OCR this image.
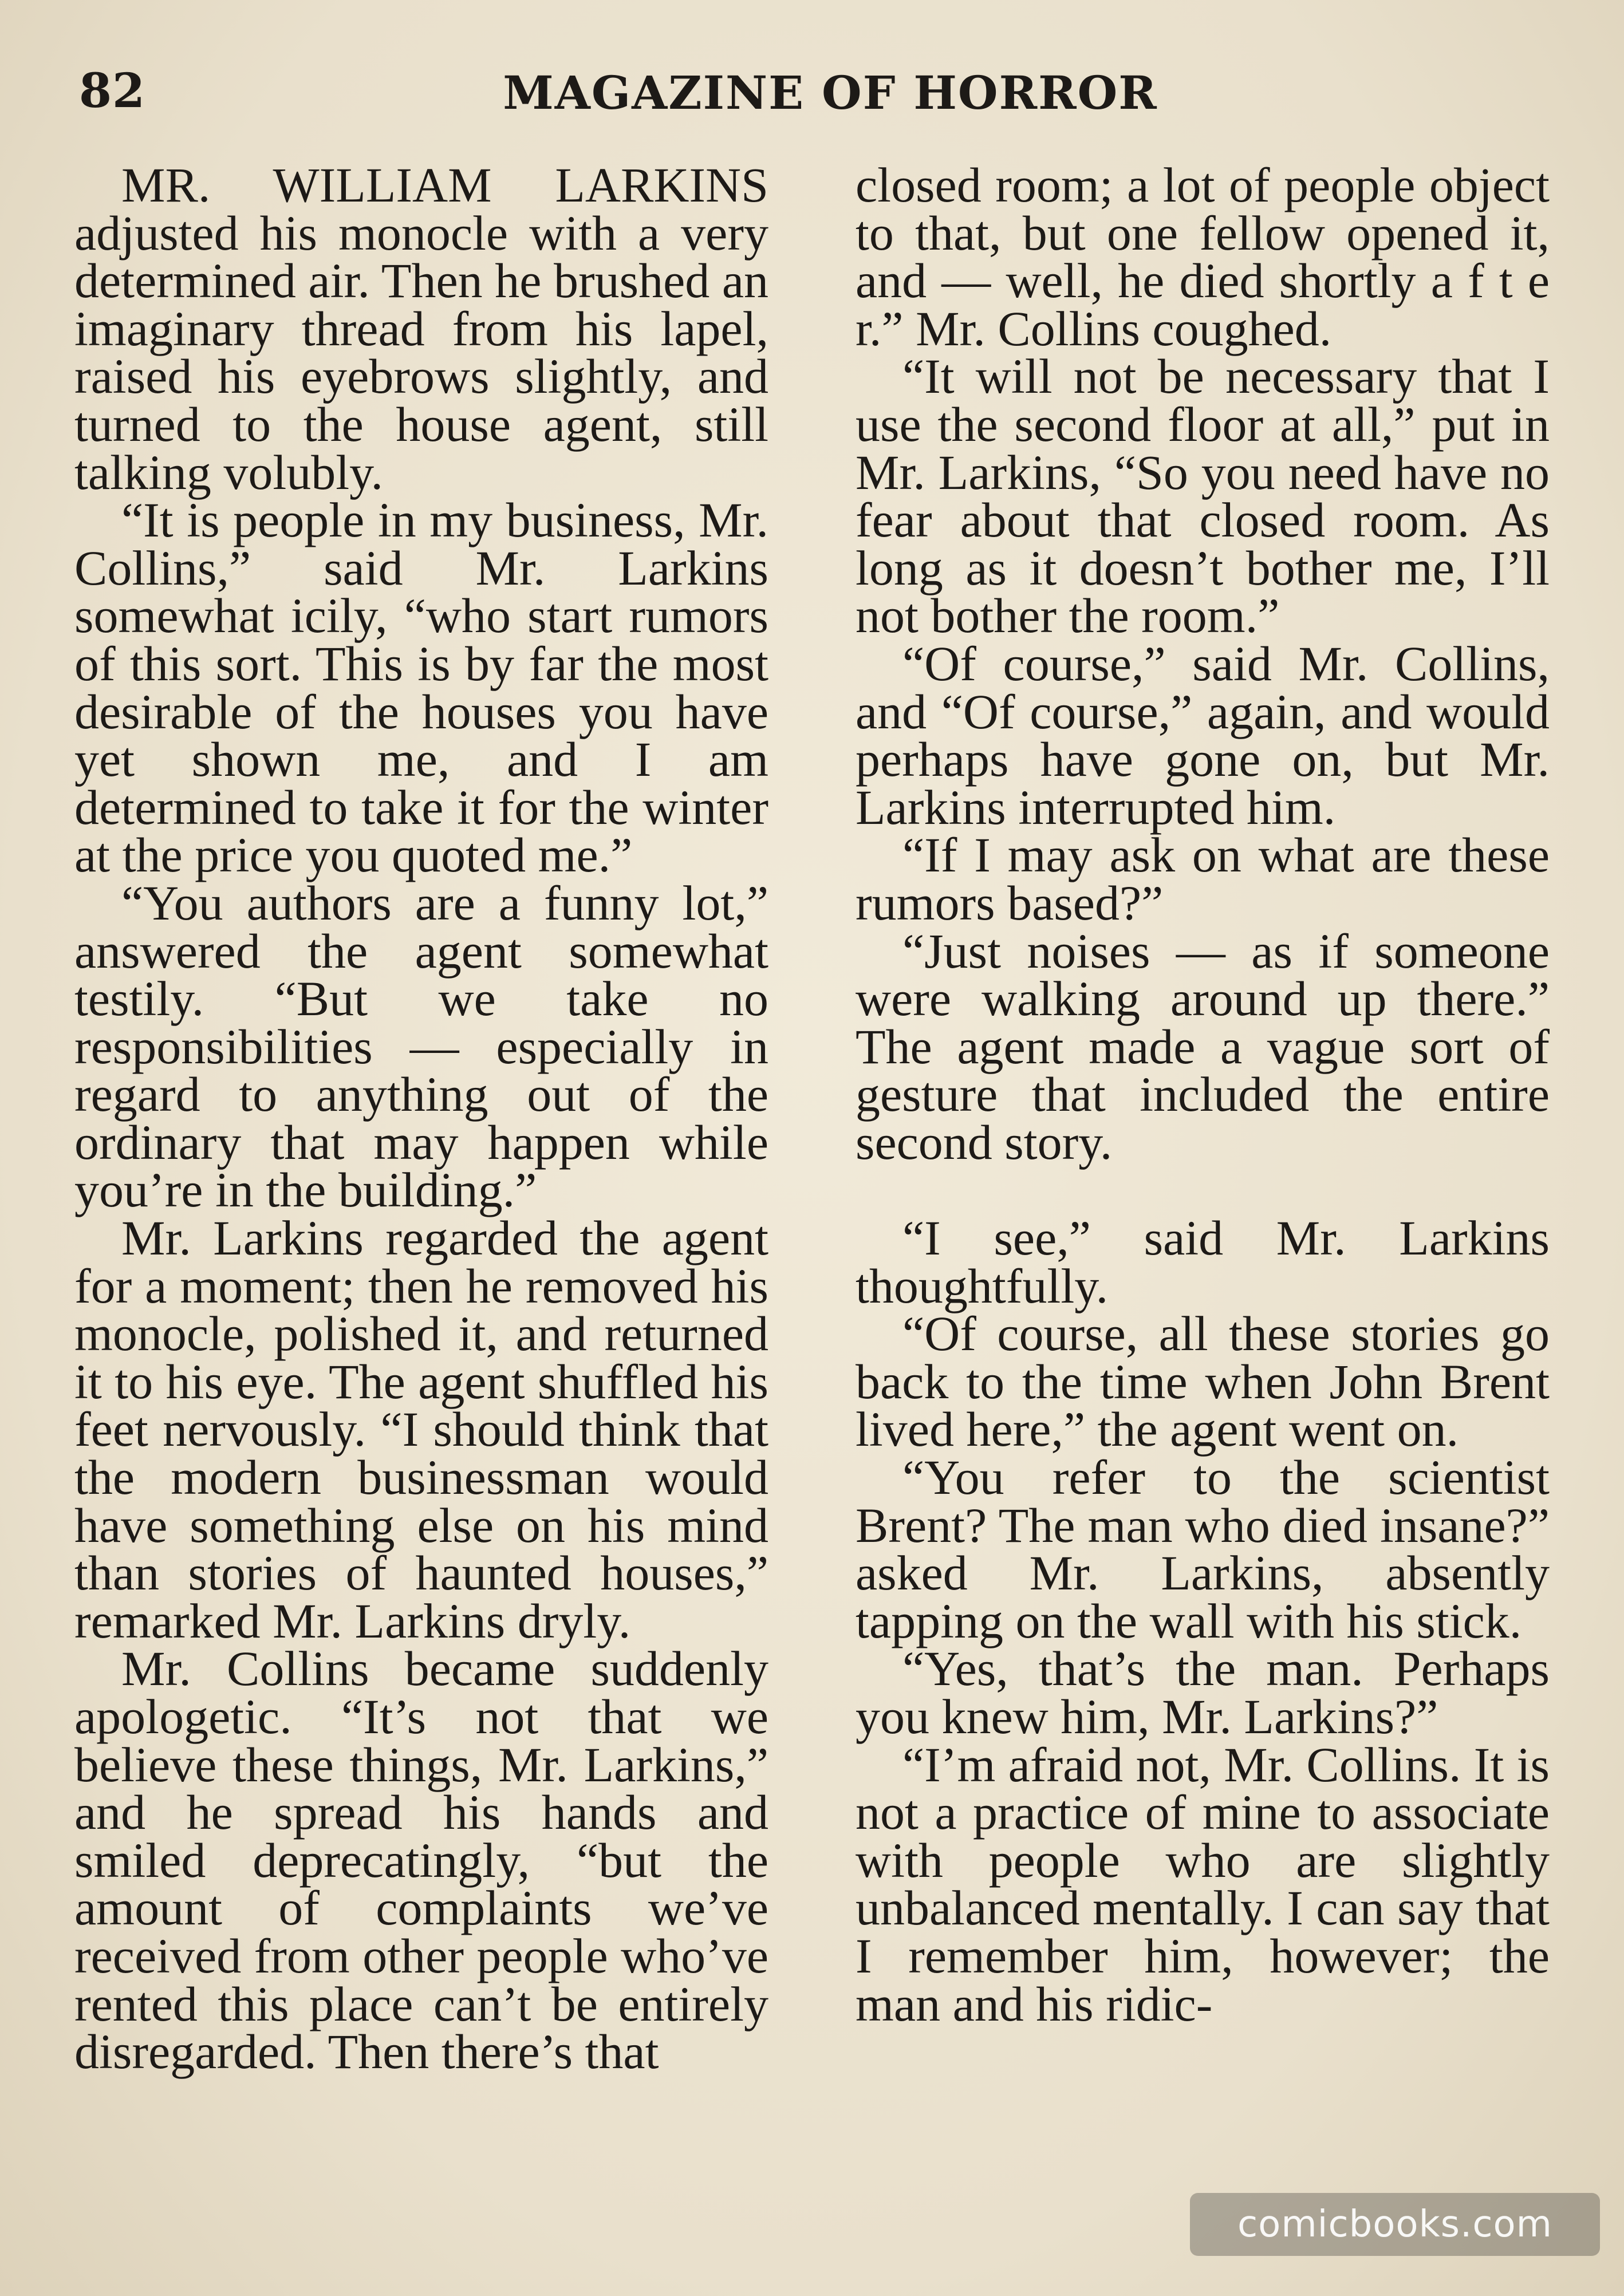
82	MAGAZINE OF HORROR

MR. WILLIAM LARKINS adjusted his monocle with a very determined air. Then he brushed an imaginary thread from his lapel, raised his eyebrows slightly, and turned to the house agent, still talking volubly.

“It is people in my business, Mr. Collins,” said Mr. Larkins somewhat icily, “who start rumors of this sort. This is by far the most desirable of the houses you have yet shown me, and I am determined to take it for the winter at the price you quoted me.”

“You authors are a funny lot,” answered the agent somewhat testily. “But we take no responsibilities — especially in regard to anything out of the ordinary that may happen while you’re in the building.”

Mr. Larkins regarded the agent for a moment; then he removed his monocle, polished it, and returned it to his eye. The agent shuffled his feet nervously. “I should think that the modern businessman would have something else on his mind than stories of haunted houses,” remarked Mr. Larkins dryly.

Mr. Collins became suddenly apologetic. “It’s not that we believe these things, Mr. Larkins,” and he spread his hands and smiled deprecatingly, “but the amount of complaints we’ve received from other people who’ve rented this place can’t be entirely disregarded. Then there’s that

closed room; a lot of people object to that, but one fellow opened it, and — well, he died shortly a f t e r.” Mr. Collins coughed.

“It will not be necessary that I use the second floor at all,” put in Mr. Larkins, “So you need have no fear about that closed room. As long as it doesn’t bother me, I’ll not bother the room.”

“Of course,” said Mr. Collins, and “Of course,” again, and would perhaps have gone on, but Mr. Larkins interrupted him.

“If I may ask on what are these rumors based?”

“Just noises — as if someone were walking around up there.” The agent made a vague sort of gesture that included the entire second story.

“I see,” said Mr. Larkins thoughtfully.

“Of course, all these stories go back to the time when John Brent lived here,” the agent went on.

“You refer to the scientist Brent? The man who died insane?” asked Mr. Larkins, absently tapping on the wall with his stick.

“Yes, that’s the man. Perhaps you knew him, Mr. Larkins?”

“I’m afraid not, Mr. Collins. It is not a practice of mine to associate with people who are slightly unbalanced mentally. I can say that I remember him, however; the man and his ridic-

comicbooks.com
